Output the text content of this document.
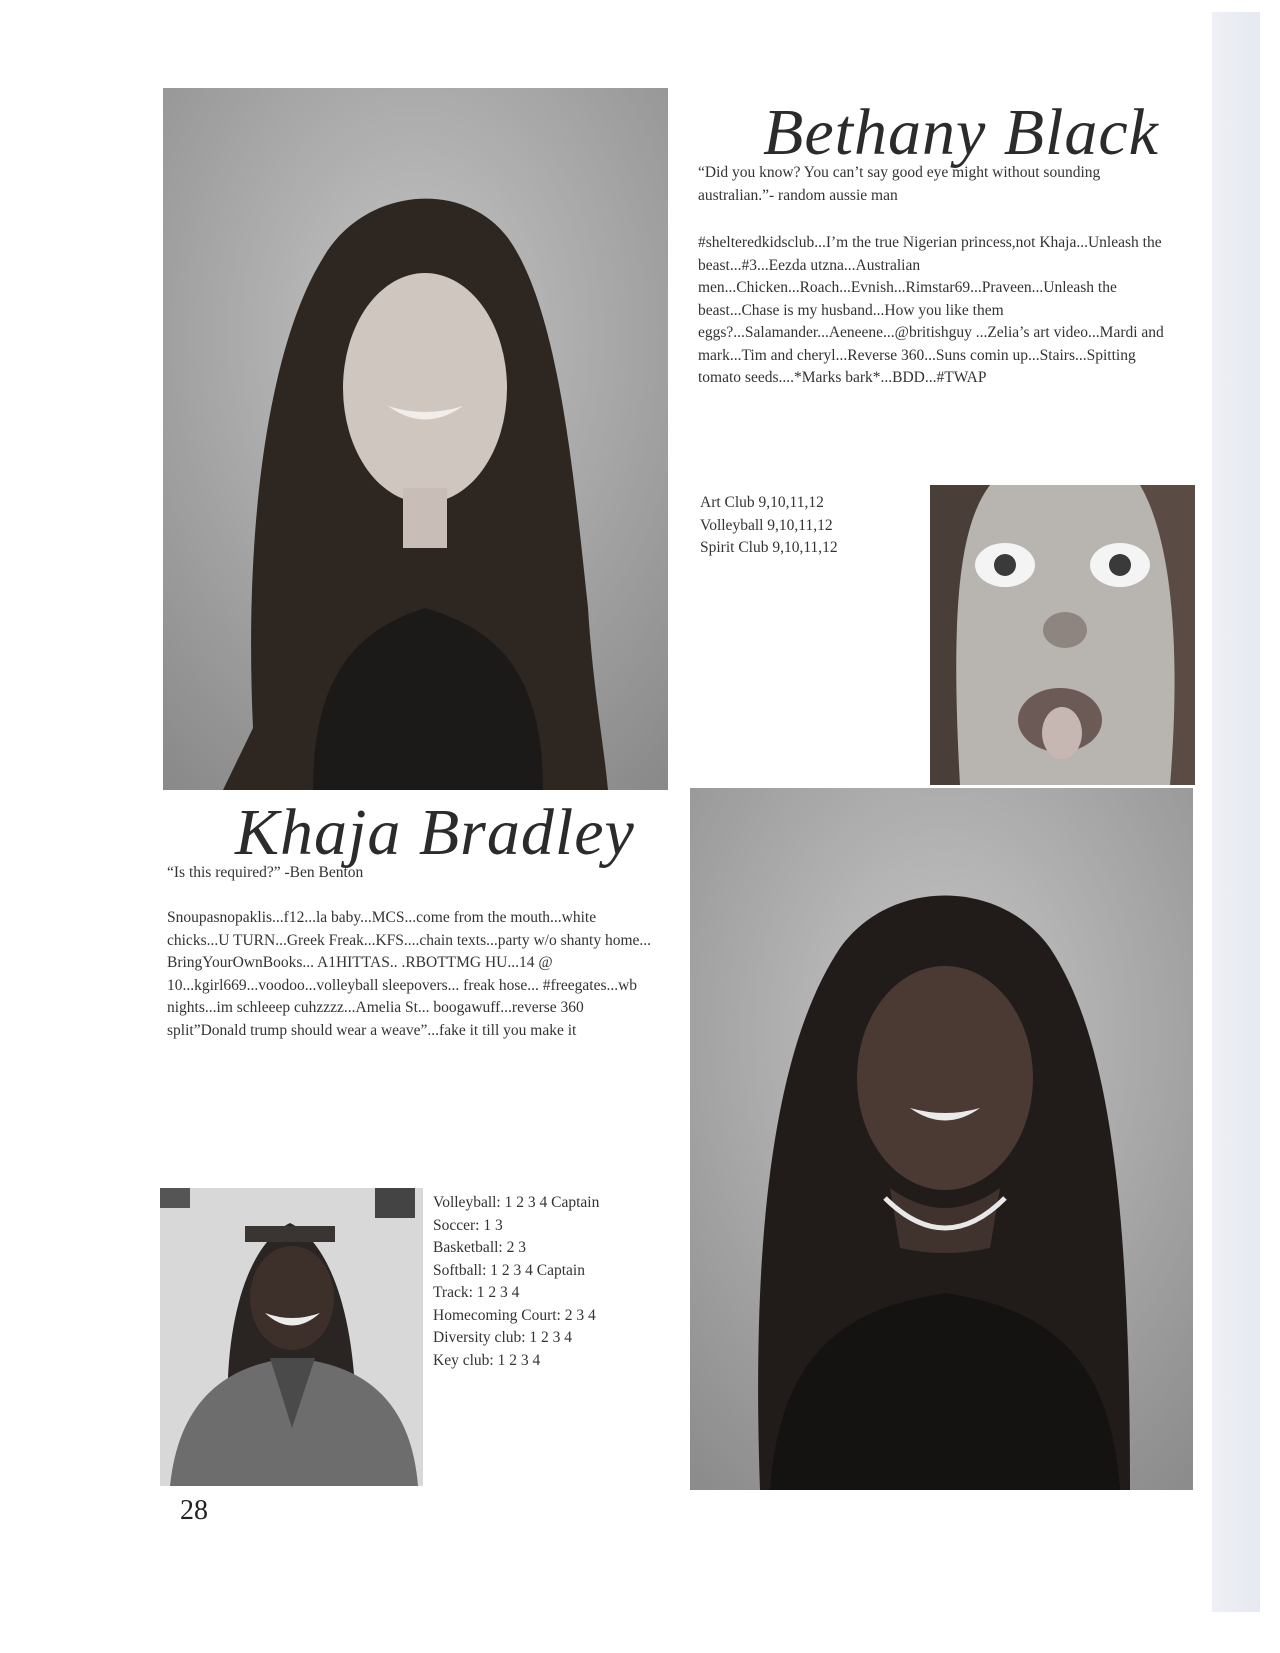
Bethany Black
“Did you know? You can’t say good eye might without sounding australian.”- random aussie man
#shelteredkidsclub...I’m the true Nigerian princess,not Khaja...Unleash the beast...#3...Eezda utzna...Australian men...Chicken...Roach...Evnish...Rimstar69...Praveen...Unleash the beast...Chase is my husband...How you like them eggs?...Salamander...Aeneene...@britishguy ...Zelia’s art video...Mardi and mark...Tim and cheryl...Reverse 360...Suns comin up...Stairs...Spitting tomato seeds....*Marks bark*...BDD...#TWAP
Art Club 9,10,11,12
Volleyball 9,10,11,12
Spirit Club 9,10,11,12
Khaja Bradley
“Is this required?” -Ben Benton
Snoupasnopaklis...f12...la baby...MCS...come from the mouth...white chicks...U TURN...Greek Freak...KFS....chain texts...party w/o shanty home... BringYourOwnBooks... A1HITTAS.. .RBOTTMG HU...14 @ 10...kgirl669...voodoo...volleyball sleepovers... freak hose... #freegates...wb nights...im schleeep cuhzzzz...Amelia St... boogawuff...reverse 360 split”Donald trump should wear a weave”...fake it till you make it
Volleyball: 1 2 3 4 Captain
Soccer: 1 3
Basketball: 2 3
Softball: 1 2 3 4 Captain
Track: 1 2 3 4
Homecoming Court: 2 3 4
Diversity club: 1 2 3 4
Key club: 1 2 3 4
28
